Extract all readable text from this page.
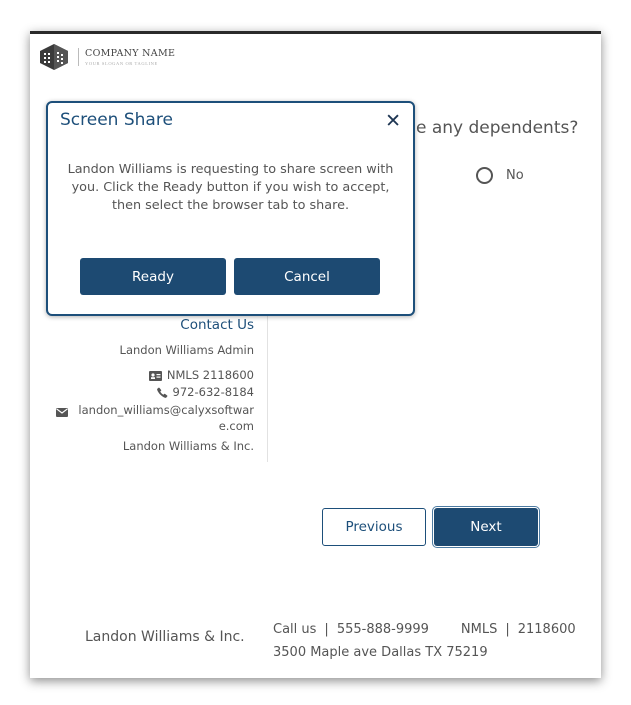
COMPANY NAME
YOUR SLOGAN OR TAGLINE
e any dependents?
No
Contact Us
Landon Williams Admin
NMLS 2118600
972-632-8184
landon_williams@calyxsoftware.com
Landon Williams & Inc.
Previous	Next
Landon Williams & Inc. Call us | 555-888-9999 NMLS | 2118600
3500 Maple ave Dallas TX 75219
Screen Share	✕
Landon Williams is requesting to share screen with you. Click the Ready button if you wish to accept, then select the browser tab to share.
Ready	Cancel
